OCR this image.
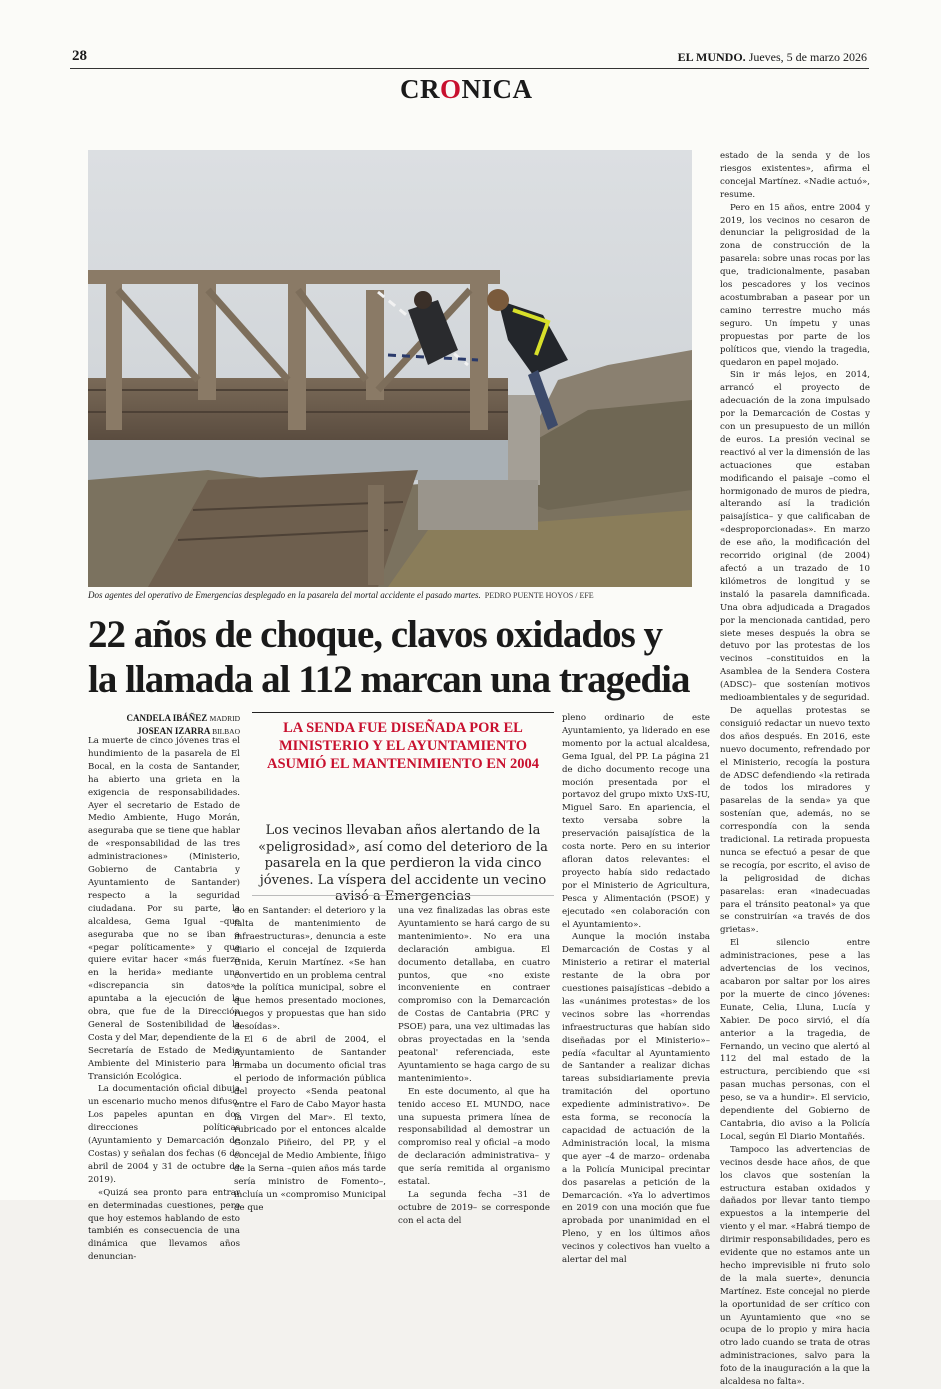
28	EL MUNDO. Jueves, 5 de marzo 2026
CRONICA
Dos agentes del operativo de Emergencias desplegado en la pasarela del mortal accidente el pasado martes. PEDRO PUENTE HOYOS / EFE
22 años de choque, clavos oxidados y la llamada al 112 marcan una tragedia
CANDELA IBÁÑEZ MADRID
JOSEAN IZARRA BILBAO	LA SENDA FUE DISEÑADA POR EL MINISTERIO Y EL AYUNTAMIENTO ASUMIÓ EL MANTENIMIENTO EN 2004
Los vecinos llevaban años alertando de la «peligrosidad», así como del deterioro de la pasarela en la que perdieron la vida cinco jóvenes. La víspera del accidente un vecino avisó a Emergencias

La muerte de cinco jóvenes tras el hundimiento de la pasarela de El Bocal, en la costa de Santander, ha abierto una grieta en la exigencia de responsabilidades. Ayer el secretario de Estado de Medio Ambiente, Hugo Morán, aseguraba que se tiene que hablar de «responsabilidad de las tres administraciones» (Ministerio, Gobierno de Cantabria y Ayuntamiento de Santander) respecto a la seguridad ciudadana. Por su parte, la alcaldesa, Gema Igual –que aseguraba que no se iban a «pegar políticamente» y que quiere evitar hacer «más fuerza en la herida» mediante una «discrepancia sin datos»– apuntaba a la ejecución de la obra, que fue de la Dirección General de Sostenibilidad de la Costa y del Mar, dependiente de la Secretaría de Estado de Medio Ambiente del Ministerio para la Transición Ecológica.

La documentación oficial dibuja un escenario mucho menos difuso. Los papeles apuntan en dos direcciones políticas (Ayuntamiento y Demarcación de Costas) y señalan dos fechas (6 de abril de 2004 y 31 de octubre de 2019).

«Quizá sea pronto para entrar en determinadas cuestiones, pero que hoy estemos hablando de esto también es consecuencia de una dinámica que llevamos años denuncian-

do en Santander: el deterioro y la falta de mantenimiento de infraestructuras», denuncia a este diario el concejal de Izquierda Unida, Keruin Martínez. «Se han convertido en un problema central de la política municipal, sobre el que hemos presentado mociones, ruegos y propuestas que han sido desoídas».

El 6 de abril de 2004, el Ayuntamiento de Santander firmaba un documento oficial tras el periodo de información pública del proyecto «Senda peatonal entre el Faro de Cabo Mayor hasta la Virgen del Mar». El texto, rubricado por el entonces alcalde Gonzalo Piñeiro, del PP, y el concejal de Medio Ambiente, Íñigo de la Serna –quien años más tarde sería ministro de Fomento–, incluía un «compromiso Municipal de que

una vez finalizadas las obras este Ayuntamiento se hará cargo de su mantenimiento». No era una declaración ambigua. El documento detallaba, en cuatro puntos, que «no existe inconveniente en contraer compromiso con la Demarcación de Costas de Cantabria (PRC y PSOE) para, una vez ultimadas las obras proyectadas en la 'senda peatonal' referenciada, este Ayuntamiento se haga cargo de su mantenimiento».

En este documento, al que ha tenido acceso EL MUNDO, nace una supuesta primera línea de responsabilidad al demostrar un compromiso real y oficial –a modo de declaración administrativa– y que sería remitida al organismo estatal.

La segunda fecha –31 de octubre de 2019– se corresponde con el acta del

pleno ordinario de este Ayuntamiento, ya liderado en ese momento por la actual alcaldesa, Gema Igual, del PP. La página 21 de dicho documento recoge una moción presentada por el portavoz del grupo mixto UxS-IU, Miguel Saro. En apariencia, el texto versaba sobre la preservación paisajística de la costa norte. Pero en su interior afloran datos relevantes: el proyecto había sido redactado por el Ministerio de Agricultura, Pesca y Alimentación (PSOE) y ejecutado «en colaboración con el Ayuntamiento».

Aunque la moción instaba Demarcación de Costas y al Ministerio a retirar el material restante de la obra por cuestiones paisajísticas –debido a las «unánimes protestas» de los vecinos sobre las «horrendas infraestructuras que habían sido diseñadas por el Ministerio»– pedía «facultar al Ayuntamiento de Santander a realizar dichas tareas subsidiariamente previa tramitación del oportuno expediente administrativo». De esta forma, se reconocía la capacidad de actuación de la Administración local, la misma que ayer –4 de marzo– ordenaba a la Policía Municipal precintar dos pasarelas a petición de la Demarcación. «Ya lo advertimos en 2019 con una moción que fue aprobada por unanimidad en el Pleno, y en los últimos años vecinos y colectivos han vuelto a alertar del mal

estado de la senda y de los riesgos existentes», afirma el concejal Martínez. «Nadie actuó», resume.

Pero en 15 años, entre 2004 y 2019, los vecinos no cesaron de denunciar la peligrosidad de la zona de construcción de la pasarela: sobre unas rocas por las que, tradicionalmente, pasaban los pescadores y los vecinos acostumbraban a pasear por un camino terrestre mucho más seguro. Un ímpetu y unas propuestas por parte de los políticos que, viendo la tragedia, quedaron en papel mojado.

Sin ir más lejos, en 2014, arrancó el proyecto de adecuación de la zona impulsado por la Demarcación de Costas y con un presupuesto de un millón de euros. La presión vecinal se reactivó al ver la dimensión de las actuaciones que estaban modificando el paisaje –como el hormigonado de muros de piedra, alterando así la tradición paisajística– y que calificaban de «desproporcionadas». En marzo de ese año, la modificación del recorrido original (de 2004) afectó a un trazado de 10 kilómetros de longitud y se instaló la pasarela damnificada. Una obra adjudicada a Dragados por la mencionada cantidad, pero siete meses después la obra se detuvo por las protestas de los vecinos –constituidos en la Asamblea de la Sendera Costera (ADSC)– que sostenían motivos medioambientales y de seguridad.

De aquellas protestas se consiguió redactar un nuevo texto dos años después. En 2016, este nuevo documento, refrendado por el Ministerio, recogía la postura de ADSC defendiendo «la retirada de todos los miradores y pasarelas de la senda» ya que sostenían que, además, no se correspondía con la senda tradicional. La retirada propuesta nunca se efectuó a pesar de que se recogía, por escrito, el aviso de la peligrosidad de dichas pasarelas: eran «inadecuadas para el tránsito peatonal» ya que se construirían «a través de dos grietas».

El silencio entre administraciones, pese a las advertencias de los vecinos, acabaron por saltar por los aires por la muerte de cinco jóvenes: Eunate, Celia, Lluna, Lucía y Xabier. De poco sirvió, el día anterior a la tragedia, de Fernando, un vecino que alertó al 112 del mal estado de la estructura, percibiendo que «si pasan muchas personas, con el peso, se va a hundir». El servicio, dependiente del Gobierno de Cantabria, dio aviso a la Policía Local, según El Diario Montañés.

Tampoco las advertencias de vecinos desde hace años, de que los clavos que sostenían la estructura estaban oxidados y dañados por llevar tanto tiempo expuestos a la intemperie del viento y el mar. «Habrá tiempo de dirimir responsabilidades, pero es evidente que no estamos ante un hecho imprevisible ni fruto solo de la mala suerte», denuncia Martínez. Este concejal no pierde la oportunidad de ser crítico con un Ayuntamiento que «no se ocupa de lo propio y mira hacia otro lado cuando se trata de otras administraciones, salvo para la foto de la inauguración a la que la alcaldesa no falta».
